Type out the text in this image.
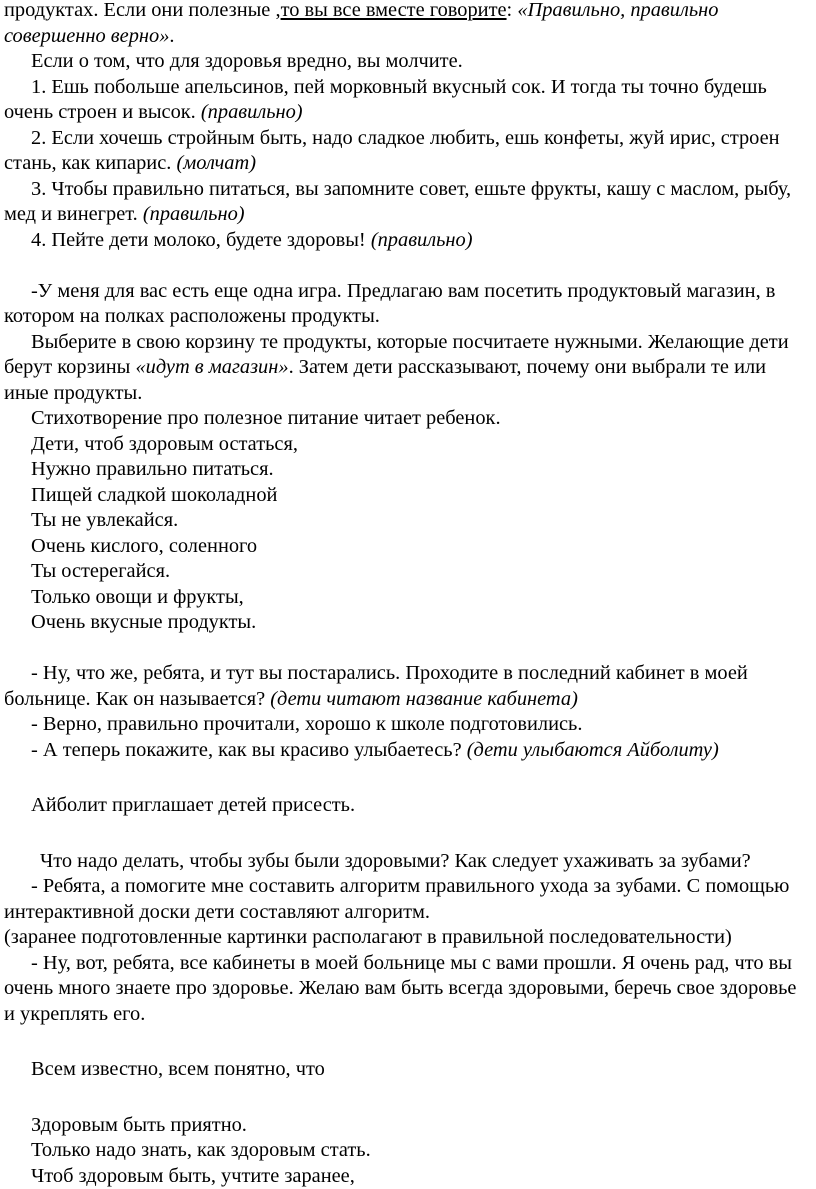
продуктах. Если они полезные ,то вы все вместе говорите: «Правильно, правильно совершенно верно».

Если о том, что для здоровья вредно, вы молчите.

1. Ешь побольше апельсинов, пей морковный вкусный сок. И тогда ты точно будешь очень строен и высок. (правильно)

2. Если хочешь стройным быть, надо сладкое любить, ешь конфеты, жуй ирис, строен стань, как кипарис. (молчат)

3. Чтобы правильно питаться, вы запомните совет, ешьте фрукты, кашу с маслом, рыбу, мед и винегрет. (правильно)

4. Пейте дети молоко, будете здоровы! (правильно)

-У меня для вас есть еще одна игра. Предлагаю вам посетить продуктовый магазин, в котором на полках расположены продукты.

Выберите в свою корзину те продукты, которые посчитаете нужными. Желающие дети берут корзины «идут в магазин». Затем дети рассказывают, почему они выбрали те или иные продукты.

Стихотворение про полезное питание читает ребенок.

Дети, чтоб здоровым остаться,

Нужно правильно питаться.

Пищей сладкой шоколадной

Ты не увлекайся.

Очень кислого, соленного

Ты остерегайся.

Только овощи и фрукты,

Очень вкусные продукты.

- Ну, что же, ребята, и тут вы постарались. Проходите в последний кабинет в моей больнице. Как он называется? (дети читают название кабинета)

- Верно, правильно прочитали, хорошо к школе подготовились.

- А теперь покажите, как вы красиво улыбаетесь? (дети улыбаются Айболиту)

Айболит приглашает детей присесть.

Что надо делать, чтобы зубы были здоровыми? Как следует ухаживать за зубами?

- Ребята, а помогите мне составить алгоритм правильного ухода за зубами. С помощью интерактивной доски дети составляют алгоритм.

(заранее подготовленные картинки располагают в правильной последовательности)

- Ну, вот, ребята, все кабинеты в моей больнице мы с вами прошли. Я очень рад, что вы очень много знаете про здоровье. Желаю вам быть всегда здоровыми, беречь свое здоровье и укреплять его.

Всем известно, всем понятно, что

Здоровым быть приятно.

Только надо знать, как здоровым стать.

Чтоб здоровым быть, учтите заранее,
